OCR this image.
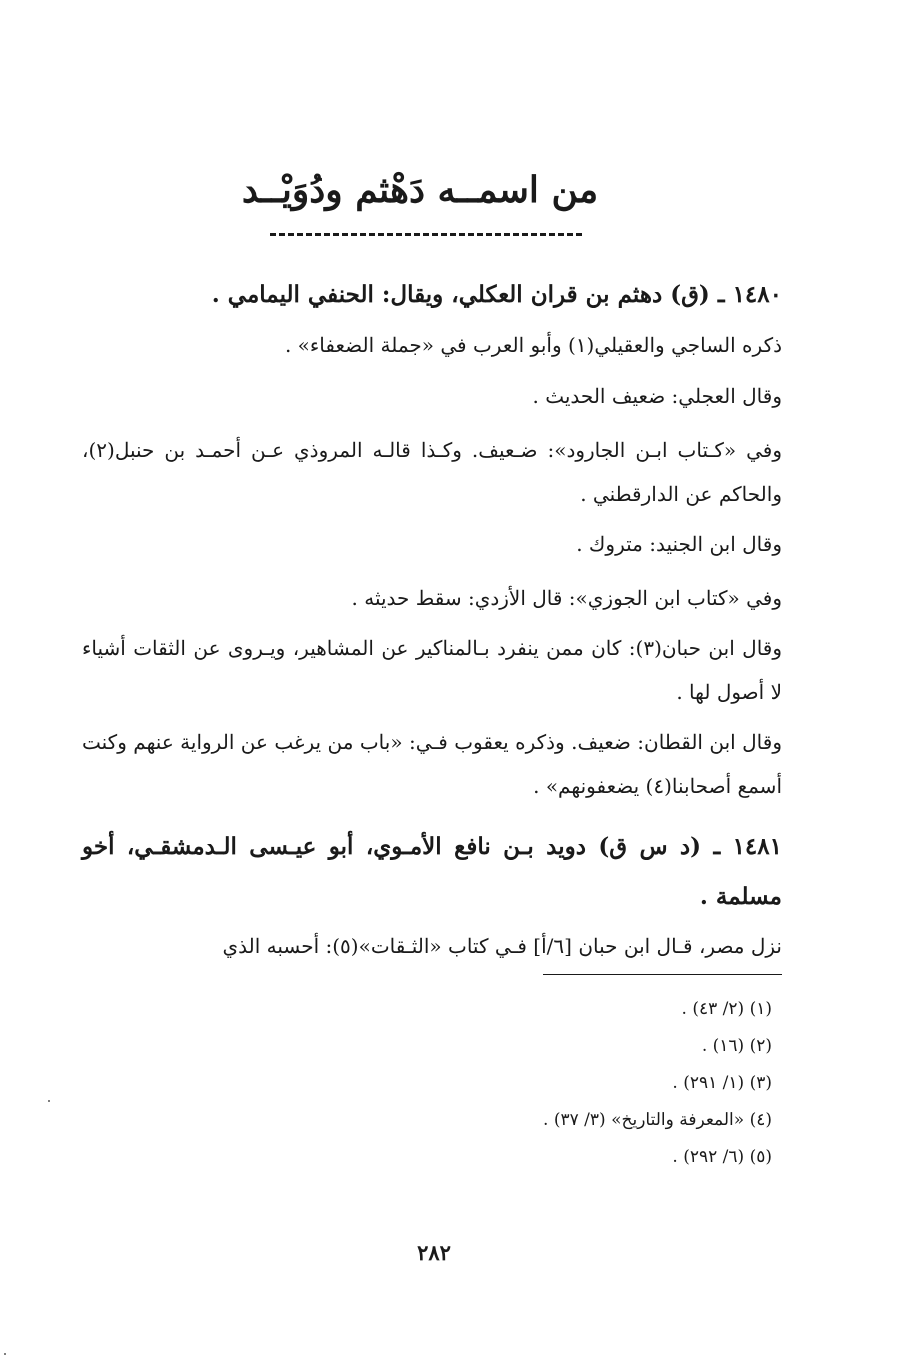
من اسمــه دَهْثم ودُوَيْــد
١٤٨٠ ـ (ق) دهثم بن قران العكلي، ويقال: الحنفي اليمامي .
ذكره الساجي والعقيلي(١) وأبو العرب في «جملة الضعفاء» .
وقال العجلي: ضعيف الحديث .
وفي «كـتاب ابـن الجارود»: ضـعيف. وكـذا قالـه المروذي عـن أحمـد بن حنبل(٢)، والحاكم عن الدارقطني .
وقال ابن الجنيد: متروك .
وفي «كتاب ابن الجوزي»: قال الأزدي: سقط حديثه .
وقال ابن حبان(٣): كان ممن ينفرد بـالمناكير عن المشاهير، ويـروى عن الثقات أشياء لا أصول لها .
وقال ابن القطان: ضعيف. وذكره يعقوب فـي: «باب من يرغب عن الرواية عنهم وكنت أسمع أصحابنا(٤) يضعفونهم» .
١٤٨١ ـ (د س ق) دويد بـن نافع الأمـوي، أبو عيـسى الـدمشقـي، أخو مسلمة .
نزل مصر، قـال ابن حبان [٦/أ] فـي كتاب «الثـقات»(٥): أحسبه الذي
(١) (٢/ ٤٣) .
(٢) (١٦) .
(٣) (١/ ٢٩١) .
(٤) «المعرفة والتاريخ» (٣/ ٣٧) .
(٥) (٦/ ٢٩٢) .
٢٨٢
